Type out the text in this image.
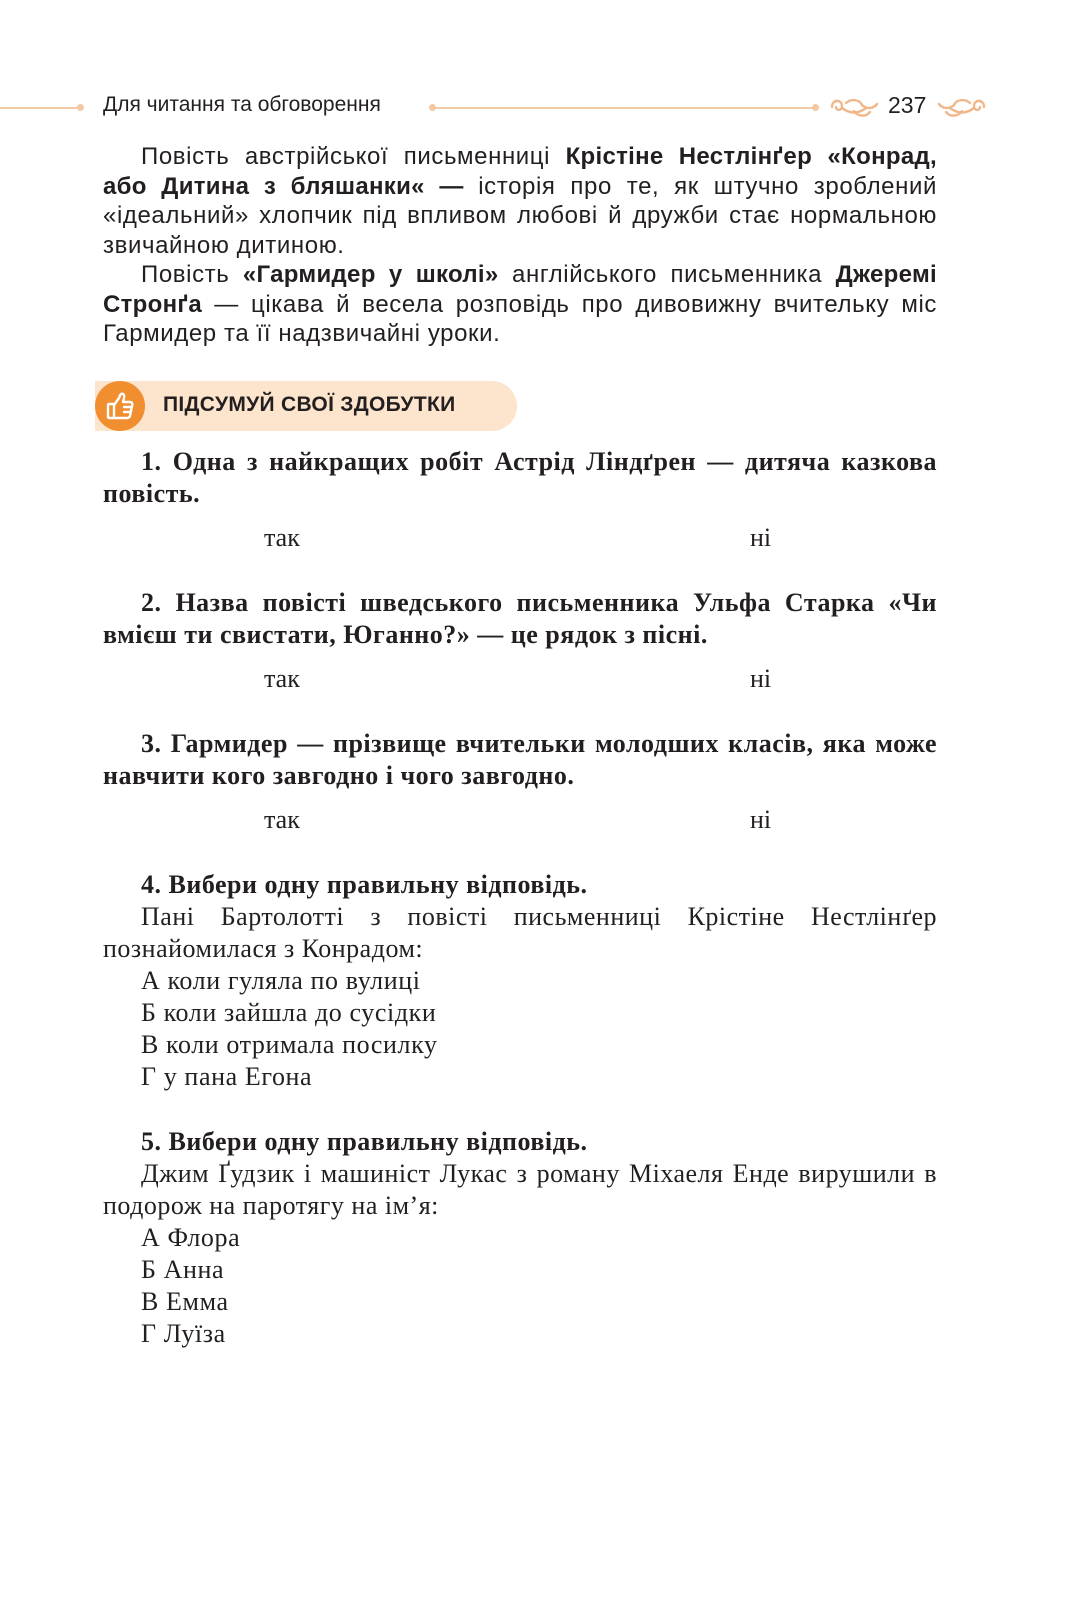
Для читання та обговорення	237

Повість австрійської письменниці Крістіне Нестлінґер «Конрад, або Дитина з бляшанки« — історія про те, як штучно зроблений «ідеальний» хлопчик під впливом любові й дружби стає нормальною звичайною дитиною.

Повість «Гармидер у школі» англійського письменника Джеремі Стронґа — цікава й весела розповідь про дивовижну вчительку міс Гармидер та її надзвичайні уроки.

ПІДСУМУЙ СВОЇ ЗДОБУТКИ

1. Одна з найкращих робіт Астрід Ліндґрен — дитяча казкова повість.

так	ні

2. Назва повісті шведського письменника Ульфа Старка «Чи вмієш ти свистати, Юганно?» — це рядок з пісні.

так	ні

3. Гармидер — прізвище вчительки молодших класів, яка може навчити кого завгодно і чого завгодно.

так	ні

4. Вибери одну правильну відповідь.

Пані Бартолотті з повісті письменниці Крістіне Нестлінґер познайомилася з Конрадом:

А коли гуляла по вулиці

Б коли зайшла до сусідки

В коли отримала посилку

Г у пана Егона

5. Вибери одну правильну відповідь.

Джим Ґудзик і машиніст Лукас з роману Міхаеля Енде вирушили в подорож на паротягу на ім’я:

А Флора

Б Анна

В Емма

Г Луїза
